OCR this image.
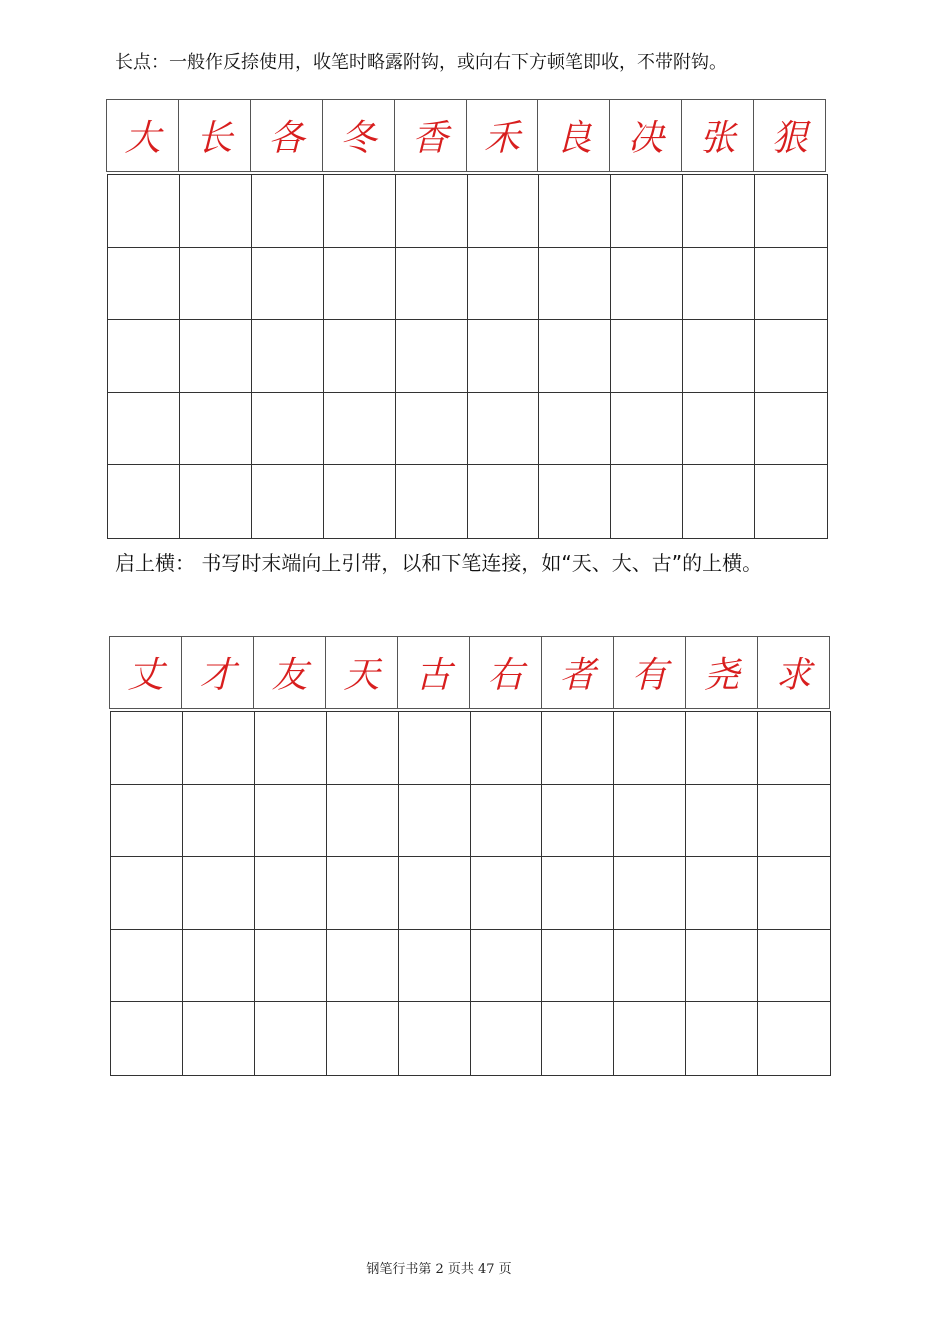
长点：一般作反捺使用，收笔时略露附钩，或向右下方顿笔即收，不带附钩。
大 长 各 冬 香 禾 良 决 张 狠
启上横： 书写时末端向上引带，以和下笔连接，如“天、大、古”的上横。
丈 才 友 天 古 右 者 有 尧 求
钢笔行书第 2 页共 47 页
